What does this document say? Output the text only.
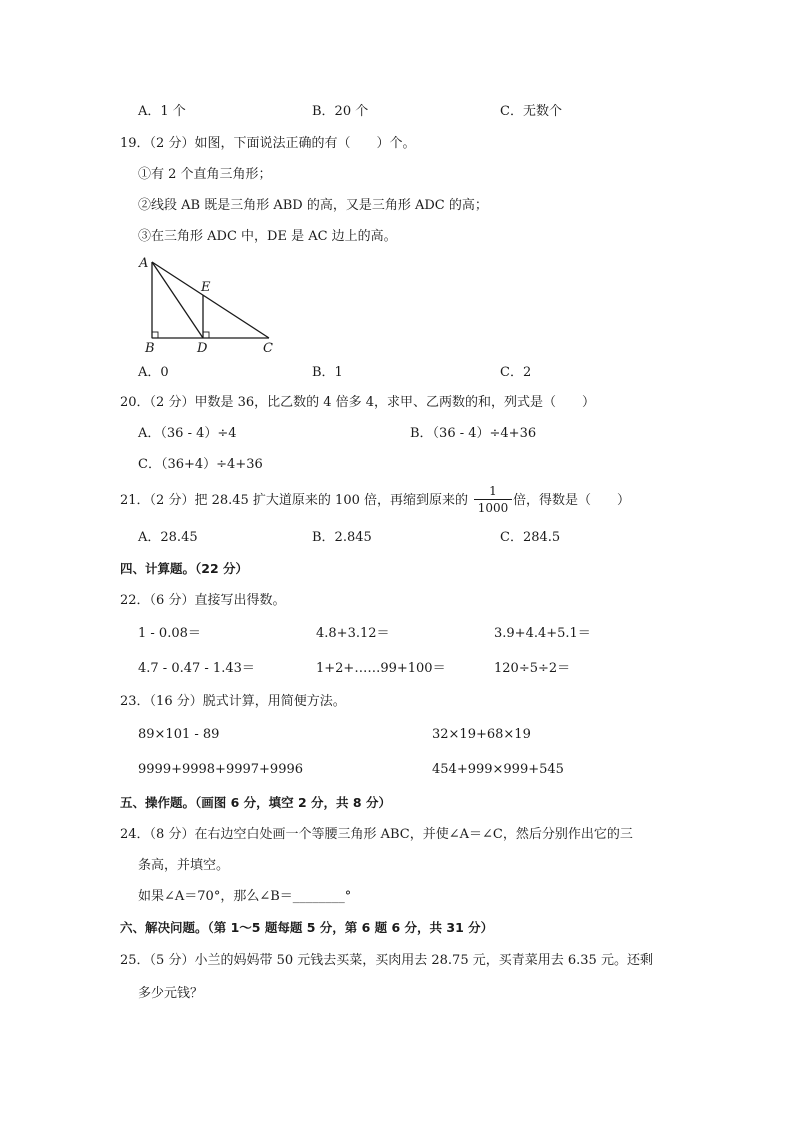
A．1 个	B．20 个	C．无数个
19．（2 分）如图，下面说法正确的有（　　）个。
①有 2 个直角三角形；
②线段 AB 既是三角形 ABD 的高，又是三角形 ADC 的高；
③在三角形 ADC 中，DE 是 AC 边上的高。
A
E
B	D	C
A．0	B．1	C．2
20．（2 分）甲数是 36，比乙数的 4 倍多 4，求甲、乙两数的和，列式是（　　）
A．（36 - 4）÷4	B．（36 - 4）÷4+36
C．（36+4）÷4+36
21．（2 分）把 28.45 扩大道原来的 100 倍，再缩到原来的
1
1000 倍，得数是（　　）
A．28.45	B．2.845	C．284.5
四、计算题。（22 分）
22．（6 分）直接写出得数。
1 - 0.08＝	4.8+3.12＝	3.9+4.4+5.1＝
4.7 - 0.47 - 1.43＝	1+2+……99+100＝	120÷5÷2＝
23．（16 分）脱式计算，用简便方法。
89×101 - 89	32×19+68×19
9999+9998+9997+9996	454+999×999+545
五、操作题。（画图 6 分，填空 2 分，共 8 分）
24．（8 分）在右边空白处画一个等腰三角形 ABC，并使∠A＝∠C，然后分别作出它的三
条高，并填空。
如果∠A＝70°，那么∠B＝________°
六、解决问题。（第 1～5 题每题 5 分，第 6 题 6 分，共 31 分）
25．（5 分）小兰的妈妈带 50 元钱去买菜，买肉用去 28.75 元，买青菜用去 6.35 元。还剩
多少元钱？
